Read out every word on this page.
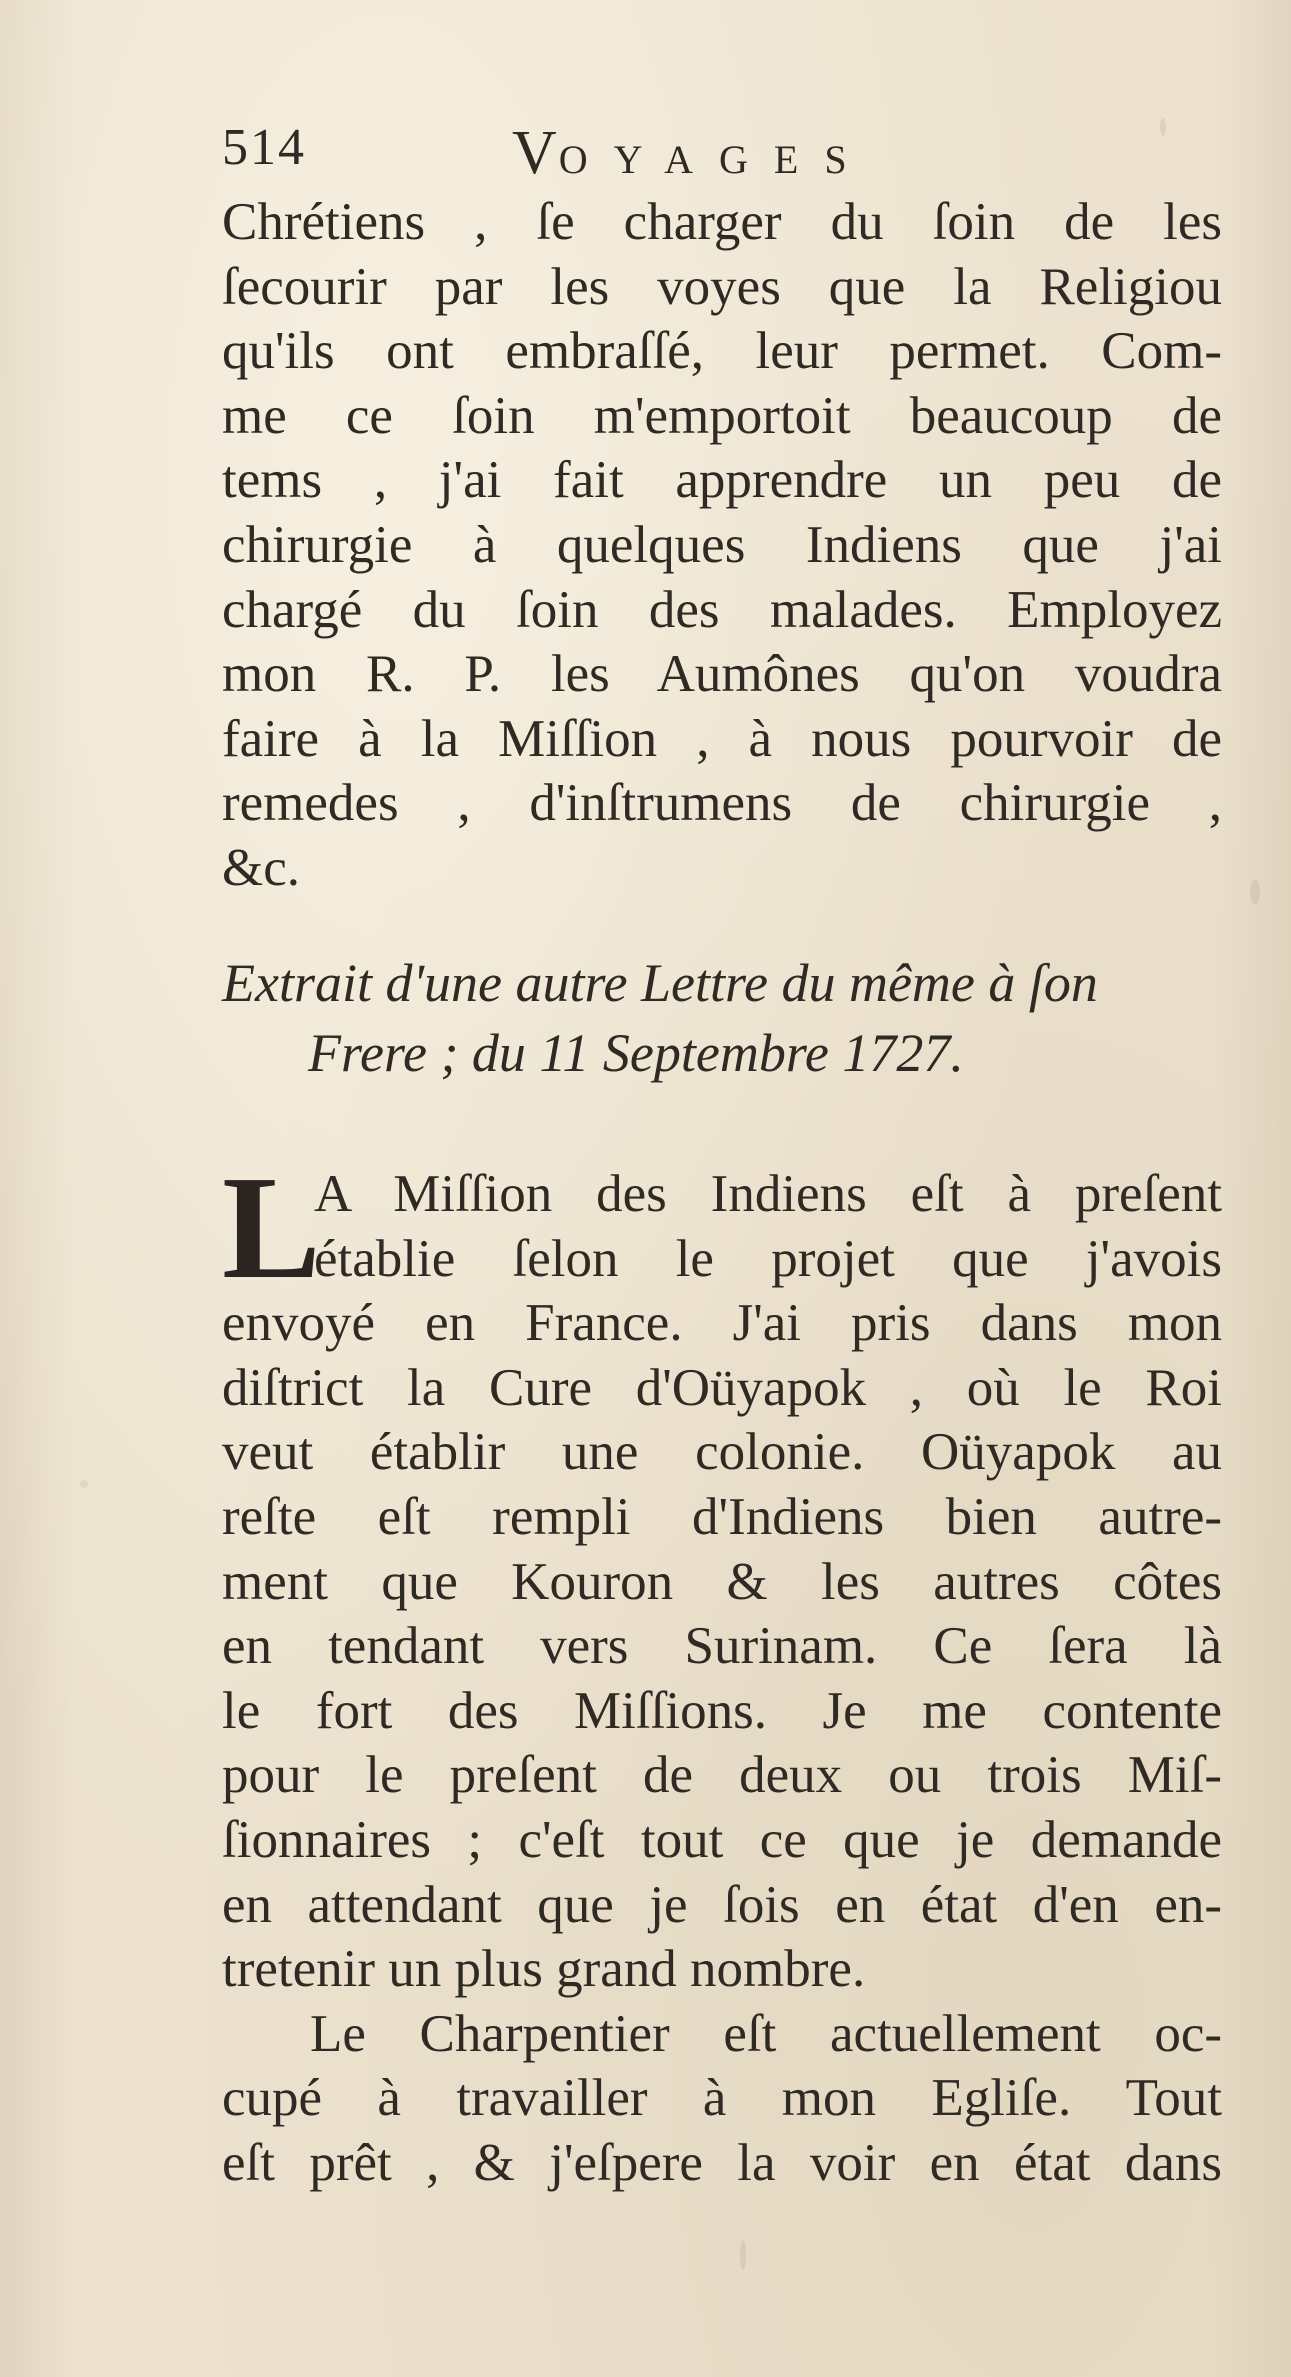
514	VOYAGES
Chrétiens , ſe charger du ſoin de les
ſecourir par les voyes que la Religiou
qu'ils ont embraſſé, leur permet. Com-
me ce ſoin m'emportoit beaucoup de
tems , j'ai fait apprendre un peu de
chirurgie à quelques Indiens que j'ai
chargé du ſoin des malades. Employez
mon R. P. les Aumônes qu'on voudra
faire à la Miſſion , à nous pourvoir de
remedes , d'inſtrumens de chirurgie ,
&c.
Extrait d'une autre Lettre du même à ſon
Frere ; du 11 Septembre 1727.
L
A Miſſion des Indiens eſt à preſent
établie ſelon le projet que j'avois
envoyé en France. J'ai pris dans mon
diſtrict la Cure d'Oüyapok , où le Roi
veut établir une colonie. Oüyapok au
reſte eſt rempli d'Indiens bien autre-
ment que Kouron & les autres côtes
en tendant vers Surinam. Ce ſera là
le fort des Miſſions. Je me contente
pour le preſent de deux ou trois Miſ-
ſionnaires ; c'eſt tout ce que je demande
en attendant que je ſois en état d'en en-
tretenir un plus grand nombre.
Le Charpentier eſt actuellement oc-
cupé à travailler à mon Egliſe. Tout
eſt prêt , & j'eſpere la voir en état dans
